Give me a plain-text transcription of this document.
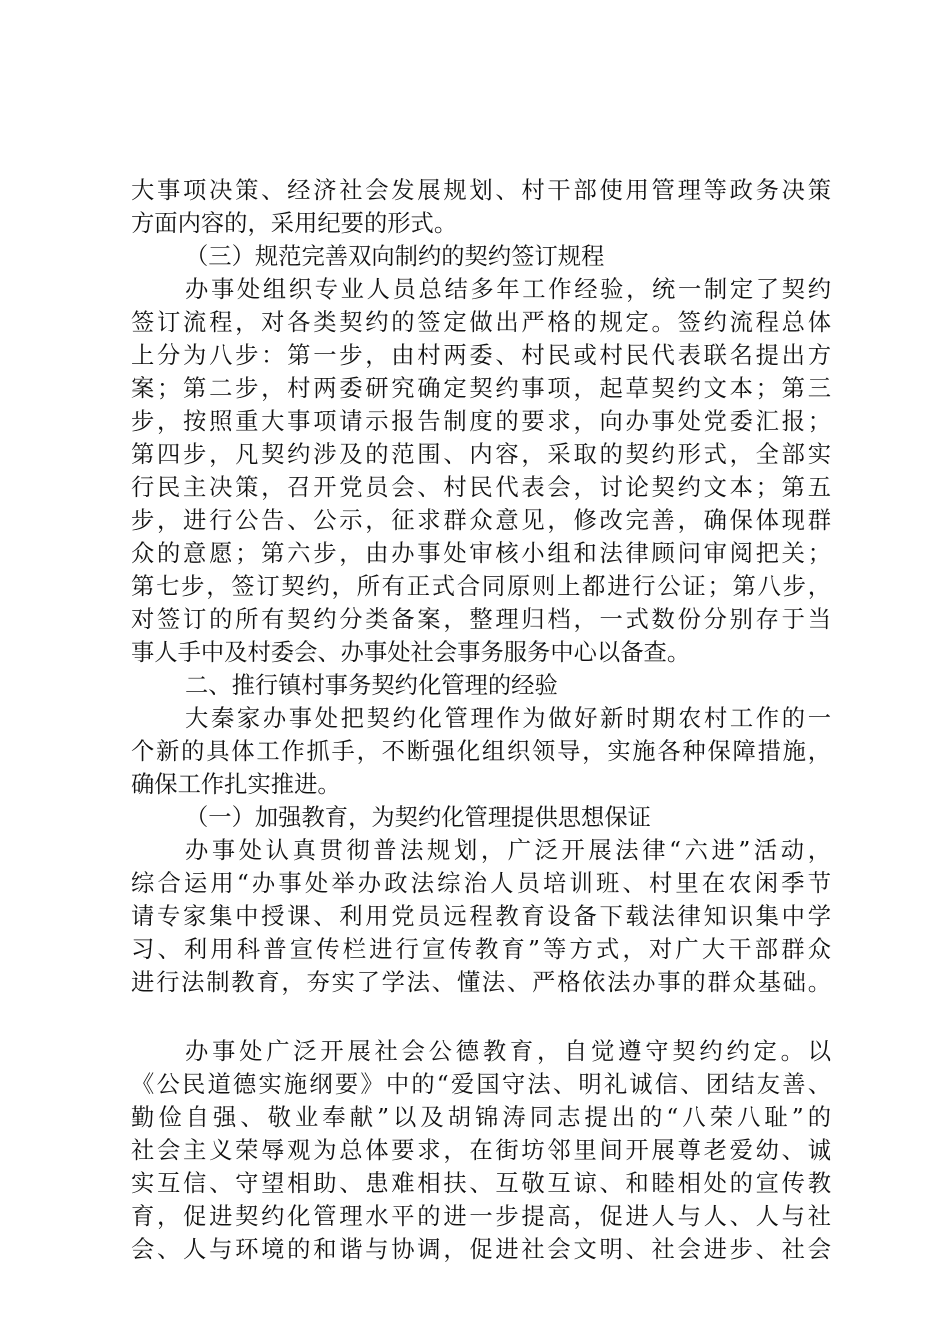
大事项决策、经济社会发展规划、村干部使用管理等政务决策
方面内容的，采用纪要的形式。
（三）规范完善双向制约的契约签订规程
办事处组织专业人员总结多年工作经验，统一制定了契约
签订流程，对各类契约的签定做出严格的规定。签约流程总体
上分为八步：第一步，由村两委、村民或村民代表联名提出方
案；第二步，村两委研究确定契约事项，起草契约文本；第三
步，按照重大事项请示报告制度的要求，向办事处党委汇报；
第四步，凡契约涉及的范围、内容，采取的契约形式，全部实
行民主决策，召开党员会、村民代表会，讨论契约文本；第五
步，进行公告、公示，征求群众意见，修改完善，确保体现群
众的意愿；第六步，由办事处审核小组和法律顾问审阅把关；
第七步，签订契约，所有正式合同原则上都进行公证；第八步，
对签订的所有契约分类备案，整理归档，一式数份分别存于当
事人手中及村委会、办事处社会事务服务中心以备查。
二、推行镇村事务契约化管理的经验
大秦家办事处把契约化管理作为做好新时期农村工作的一
个新的具体工作抓手，不断强化组织领导，实施各种保障措施，
确保工作扎实推进。
（一）加强教育，为契约化管理提供思想保证
办事处认真贯彻普法规划，广泛开展法律“六进”活动，
综合运用“办事处举办政法综治人员培训班、村里在农闲季节
请专家集中授课、利用党员远程教育设备下载法律知识集中学
习、利用科普宣传栏进行宣传教育”等方式，对广大干部群众
进行法制教育，夯实了学法、懂法、严格依法办事的群众基础。
办事处广泛开展社会公德教育，自觉遵守契约约定。以
《公民道德实施纲要》中的“爱国守法、明礼诚信、团结友善、
勤俭自强、敬业奉献”以及胡锦涛同志提出的“八荣八耻”的
社会主义荣辱观为总体要求，在街坊邻里间开展尊老爱幼、诚
实互信、守望相助、患难相扶、互敬互谅、和睦相处的宣传教
育，促进契约化管理水平的进一步提高，促进人与人、人与社
会、人与环境的和谐与协调，促进社会文明、社会进步、社会
